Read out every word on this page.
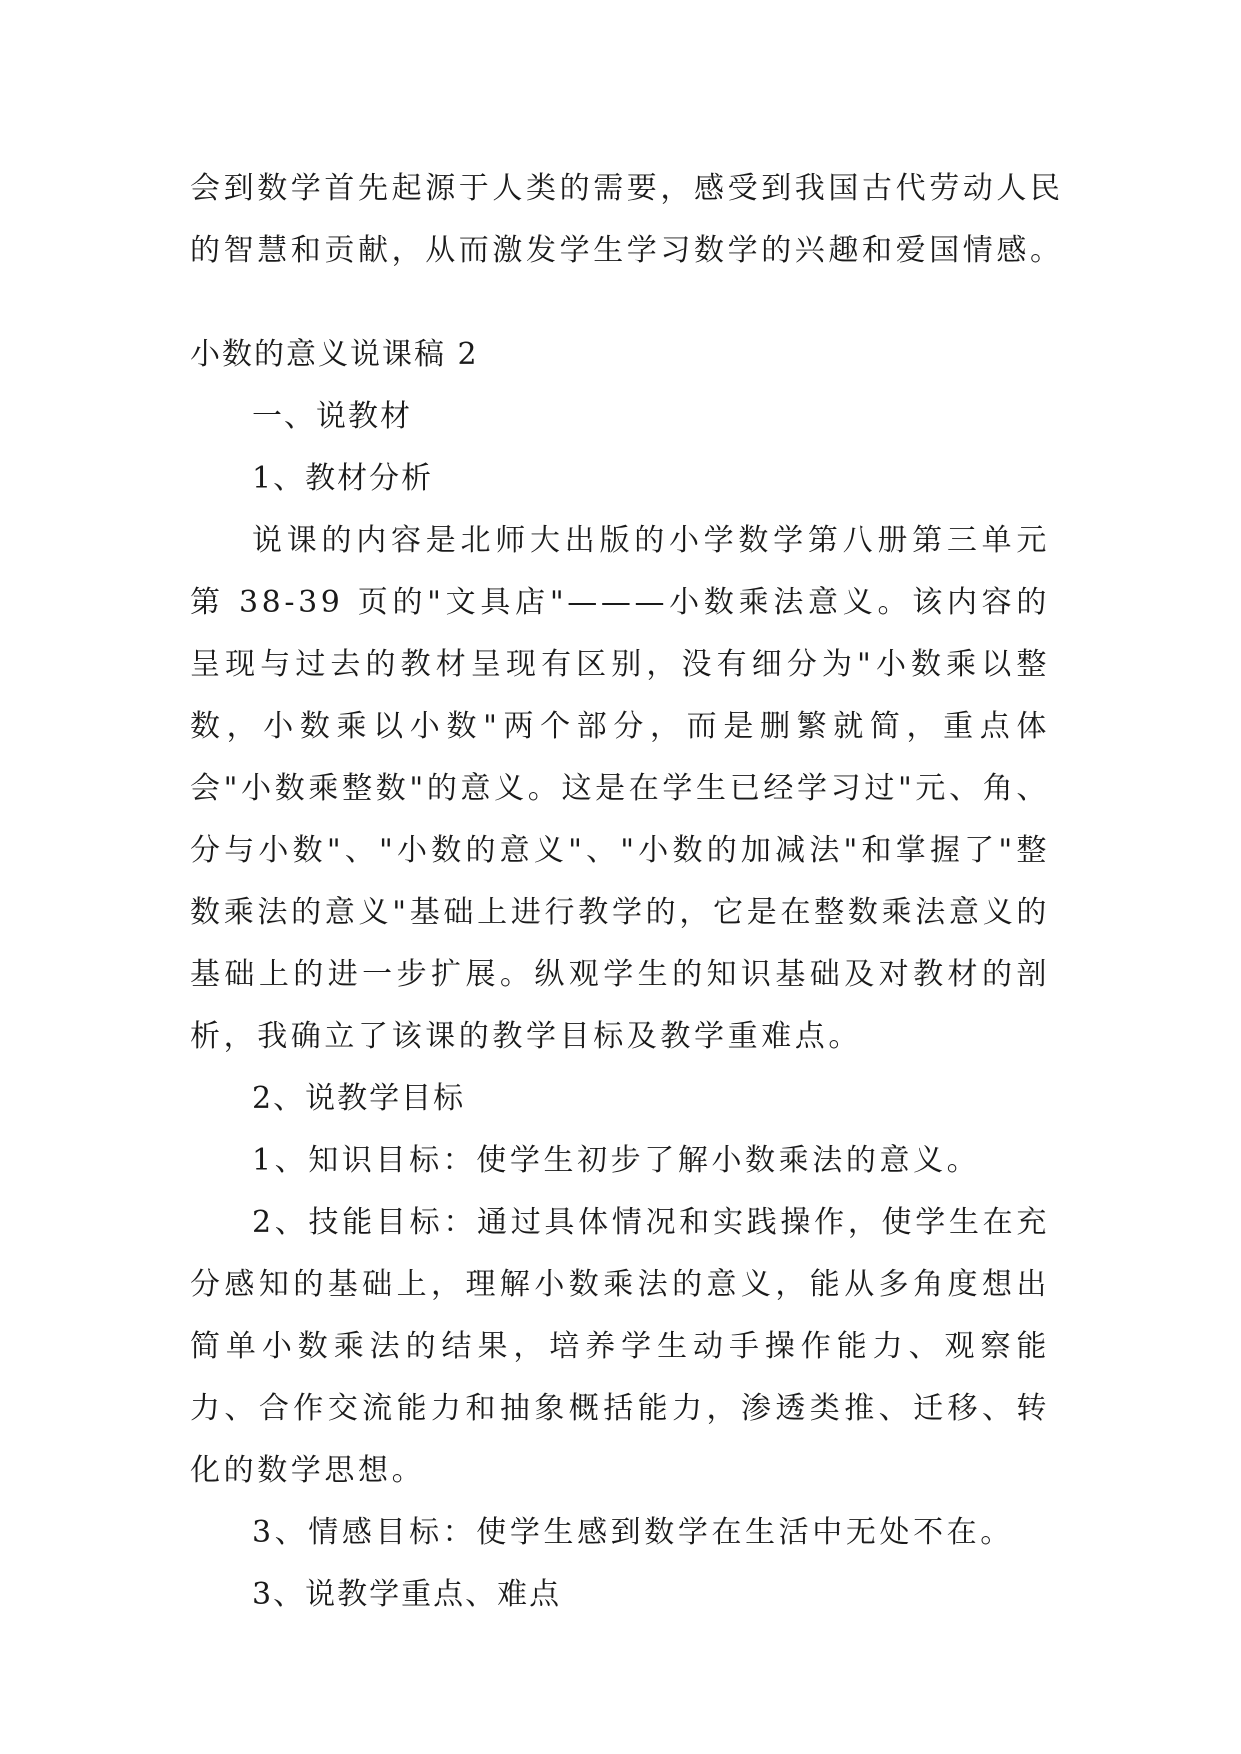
会到数学首先起源于人类的需要，感受到我国古代劳动人民
的智慧和贡献，从而激发学生学习数学的兴趣和爱国情感。
小数的意义说课稿 2
一、说教材
1、教材分析

说课的内容是北师大出版的小学数学第八册第三单元第 38-39 页的"文具店"———小数乘法意义。该内容的呈现与过去的教材呈现有区别，没有细分为"小数乘以整数，小数乘以小数"两个部分，而是删繁就简，重点体会"小数乘整数"的意义。这是在学生已经学习过"元、角、分与小数"、"小数的意义"、"小数的加减法"和掌握了"整数乘法的意义"基础上进行教学的，它是在整数乘法意义的基础上的进一步扩展。纵观学生的知识基础及对教材的剖析，我确立了该课的教学目标及教学重难点。

2、说教学目标

1、知识目标：使学生初步了解小数乘法的意义。

2、技能目标：通过具体情况和实践操作，使学生在充分感知的基础上，理解小数乘法的意义，能从多角度想出简单小数乘法的结果，培养学生动手操作能力、观察能力、合作交流能力和抽象概括能力，渗透类推、迁移、转化的数学思想。

3、情感目标：使学生感到数学在生活中无处不在。

3、说教学重点、难点
